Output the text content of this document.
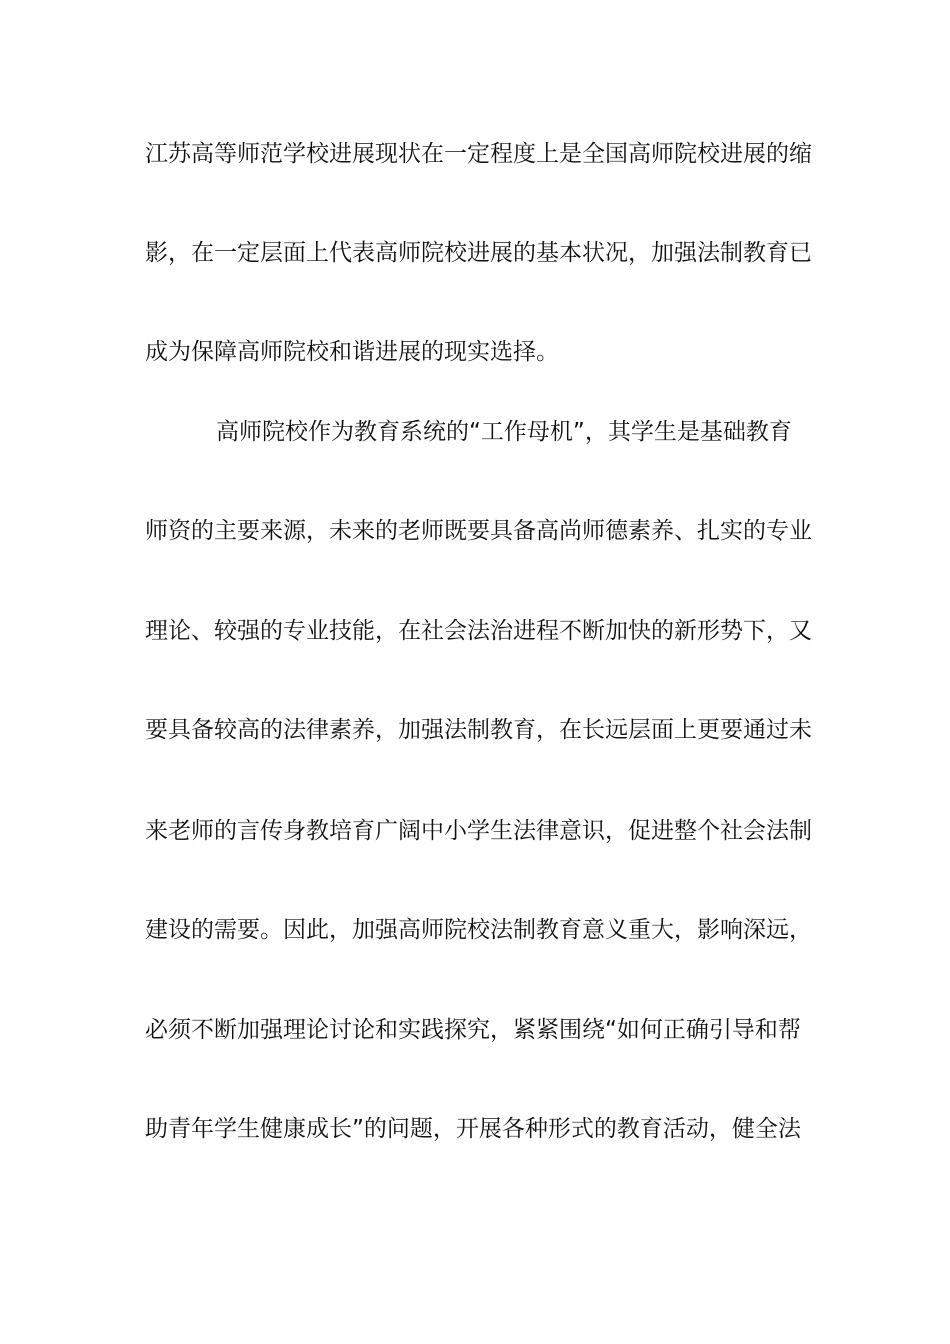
江苏高等师范学校进展现状在一定程度上是全国高师院校进展的缩
影，在一定层面上代表高师院校进展的基本状况，加强法制教育已
成为保障高师院校和谐进展的现实选择。
高师院校作为教育系统的“工作母机”，其学生是基础教育
师资的主要来源，未来的老师既要具备高尚师德素养、扎实的专业
理论、较强的专业技能，在社会法治进程不断加快的新形势下，又
要具备较高的法律素养，加强法制教育，在长远层面上更要通过未
来老师的言传身教培育广阔中小学生法律意识，促进整个社会法制
建设的需要。因此，加强高师院校法制教育意义重大，影响深远，
必须不断加强理论讨论和实践探究，紧紧围绕“如何正确引导和帮
助青年学生健康成长”的问题，开展各种形式的教育活动，健全法
